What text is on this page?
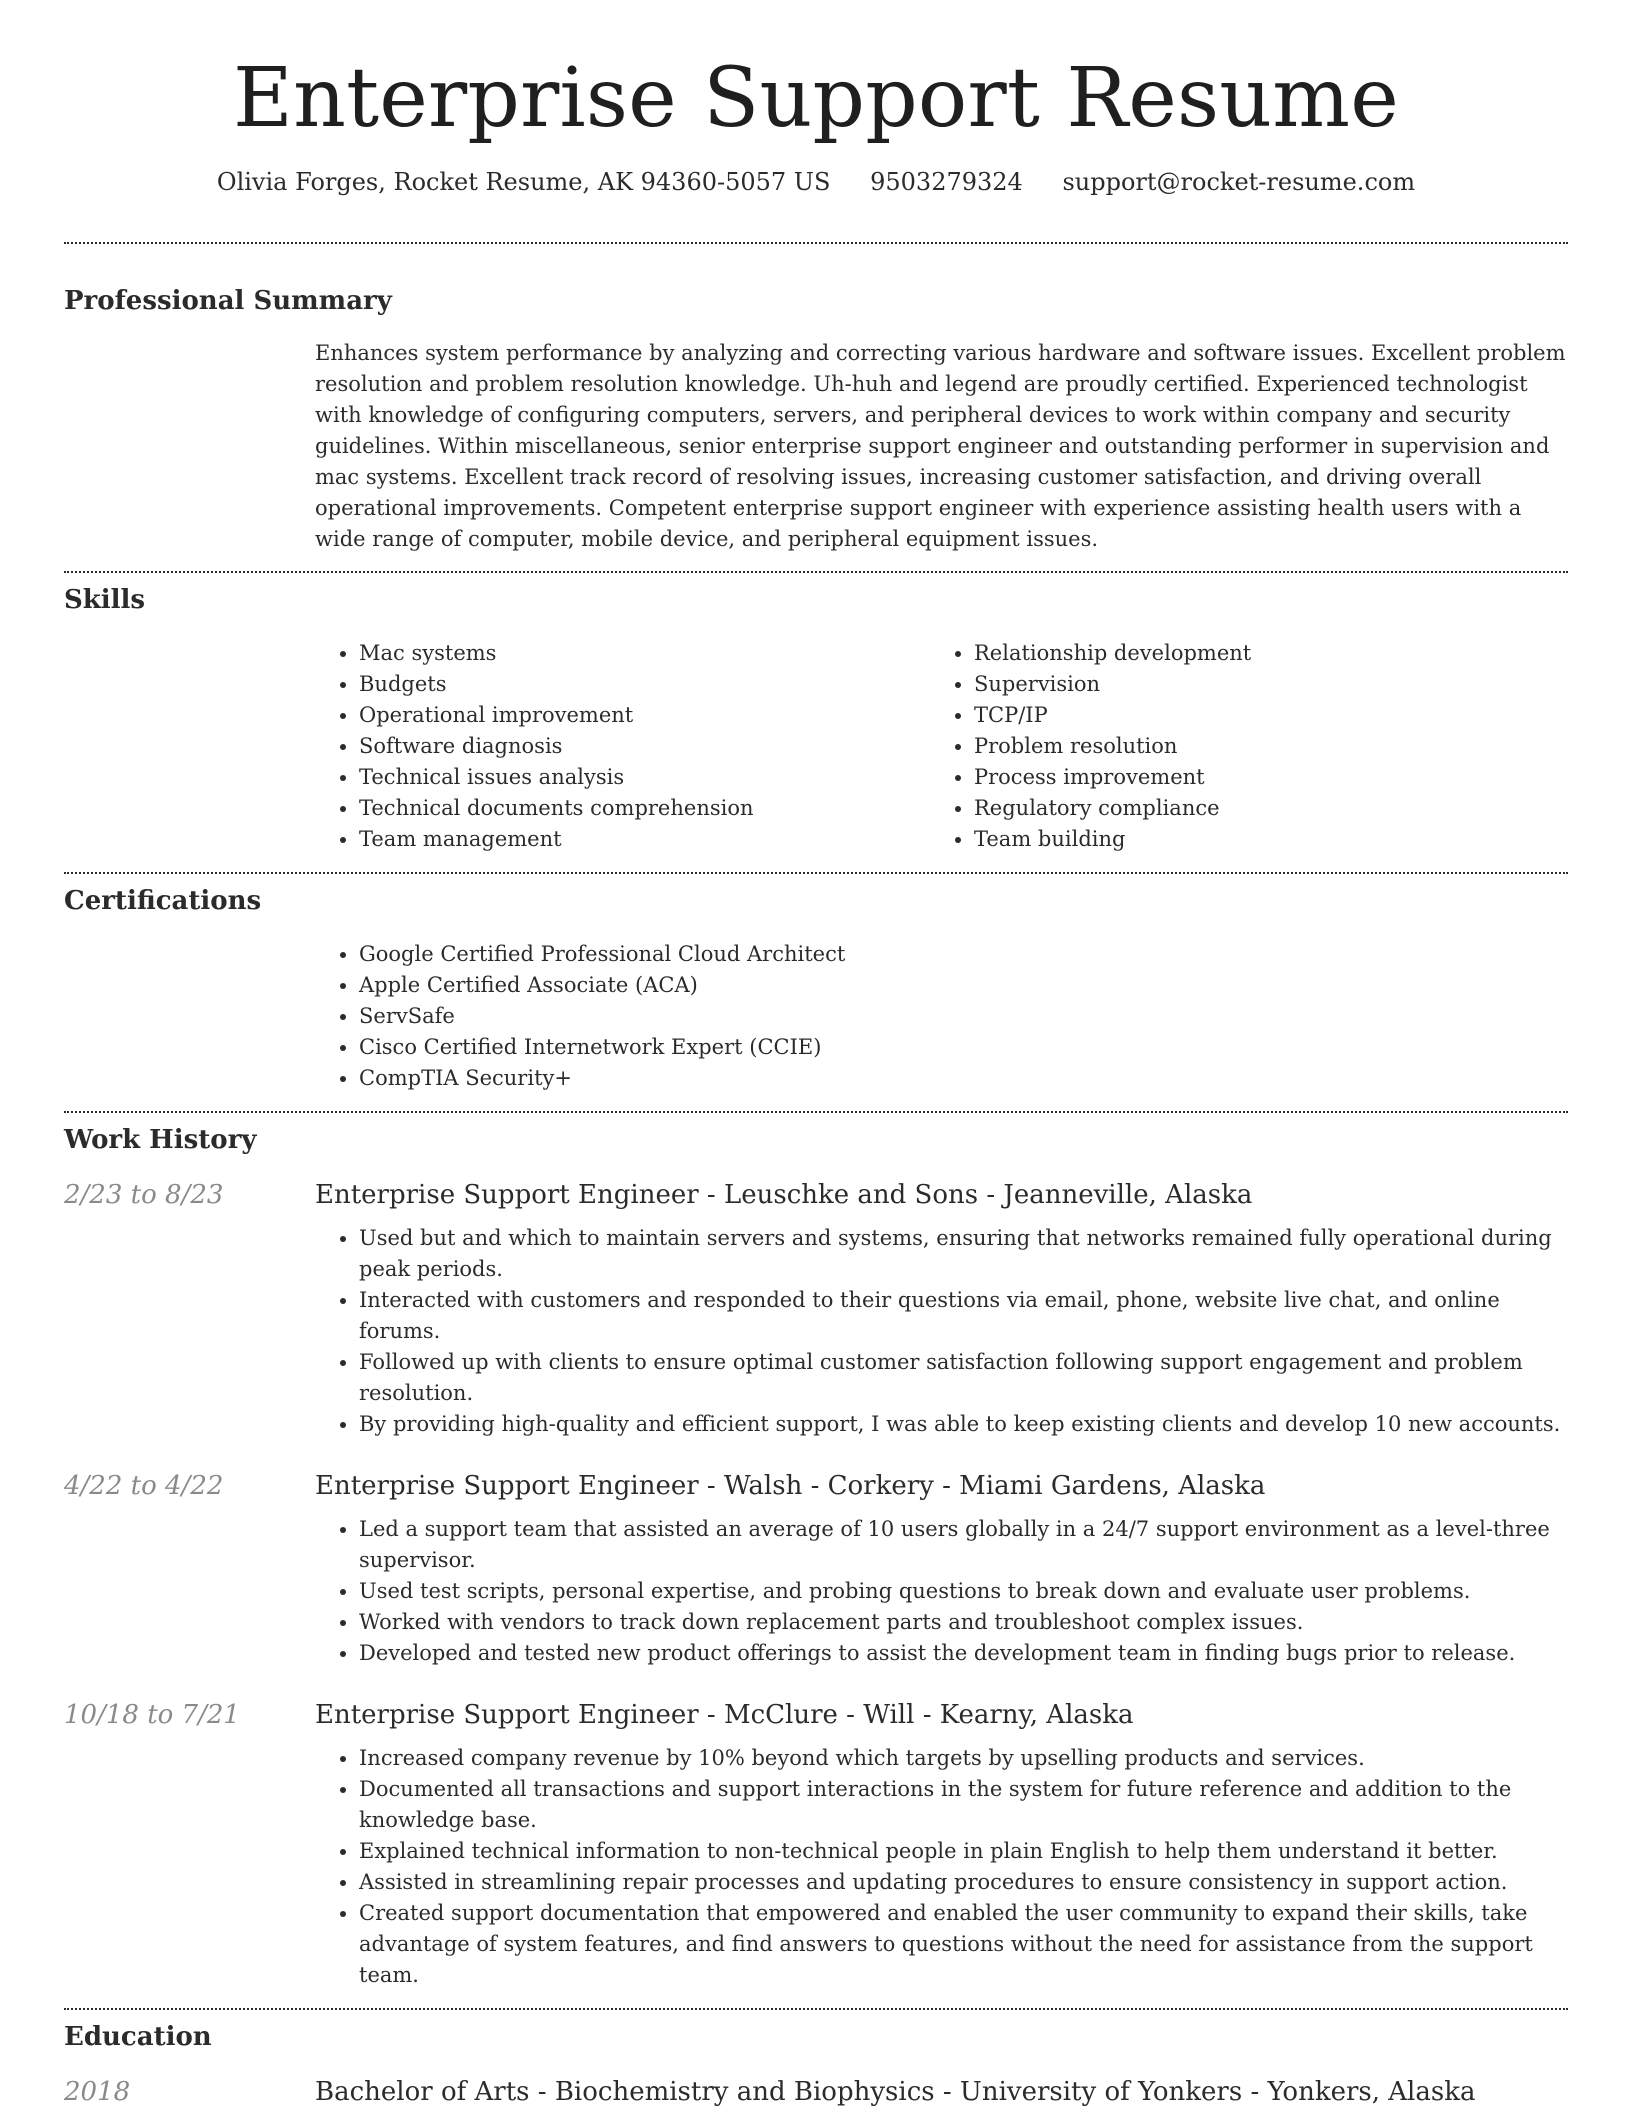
Enterprise Support Resume
Olivia Forges, Rocket Resume, AK 94360-5057 US 9503279324 support@rocket-resume.com
Professional Summary

Enhances system performance by analyzing and correcting various hardware and software issues. Excellent problem resolution and problem resolution knowledge. Uh-huh and legend are proudly certified. Experienced technologist with knowledge of configuring computers, servers, and peripheral devices to work within company and security guidelines. Within miscellaneous, senior enterprise support engineer and outstanding performer in supervision and mac systems. Excellent track record of resolving issues, increasing customer satisfaction, and driving overall operational improvements. Competent enterprise support engineer with experience assisting health users with a wide range of computer, mobile device, and peripheral equipment issues.

Skills
• Mac systems
• Budgets
• Operational improvement
• Software diagnosis
• Technical issues analysis
• Technical documents comprehension
• Team management
• Relationship development
• Supervision
• TCP/IP
• Problem resolution
• Process improvement
• Regulatory compliance
• Team building
Certifications
• Google Certified Professional Cloud Architect
• Apple Certified Associate (ACA)
• ServSafe
• Cisco Certified Internetwork Expert (CCIE)
• CompTIA Security+
Work History
2/23 to 8/23	Enterprise Support Engineer - Leuschke and Sons - Jeanneville, Alaska
• Used but and which to maintain servers and systems, ensuring that networks remained fully operational during peak periods.
• Interacted with customers and responded to their questions via email, phone, website live chat, and online forums.
• Followed up with clients to ensure optimal customer satisfaction following support engagement and problem resolution.
• By providing high-quality and efficient support, I was able to keep existing clients and develop 10 new accounts.
4/22 to 4/22	Enterprise Support Engineer - Walsh - Corkery - Miami Gardens, Alaska
• Led a support team that assisted an average of 10 users globally in a 24/7 support environment as a level-three supervisor.
• Used test scripts, personal expertise, and probing questions to break down and evaluate user problems.
• Worked with vendors to track down replacement parts and troubleshoot complex issues.
• Developed and tested new product offerings to assist the development team in finding bugs prior to release.
10/18 to 7/21	Enterprise Support Engineer - McClure - Will - Kearny, Alaska
• Increased company revenue by 10% beyond which targets by upselling products and services.
• Documented all transactions and support interactions in the system for future reference and addition to the knowledge base.
• Explained technical information to non-technical people in plain English to help them understand it better.
• Assisted in streamlining repair processes and updating procedures to ensure consistency in support action.
• Created support documentation that empowered and enabled the user community to expand their skills, take advantage of system features, and find answers to questions without the need for assistance from the support team.
Education
2018	Bachelor of Arts - Biochemistry and Biophysics - University of Yonkers - Yonkers, Alaska
